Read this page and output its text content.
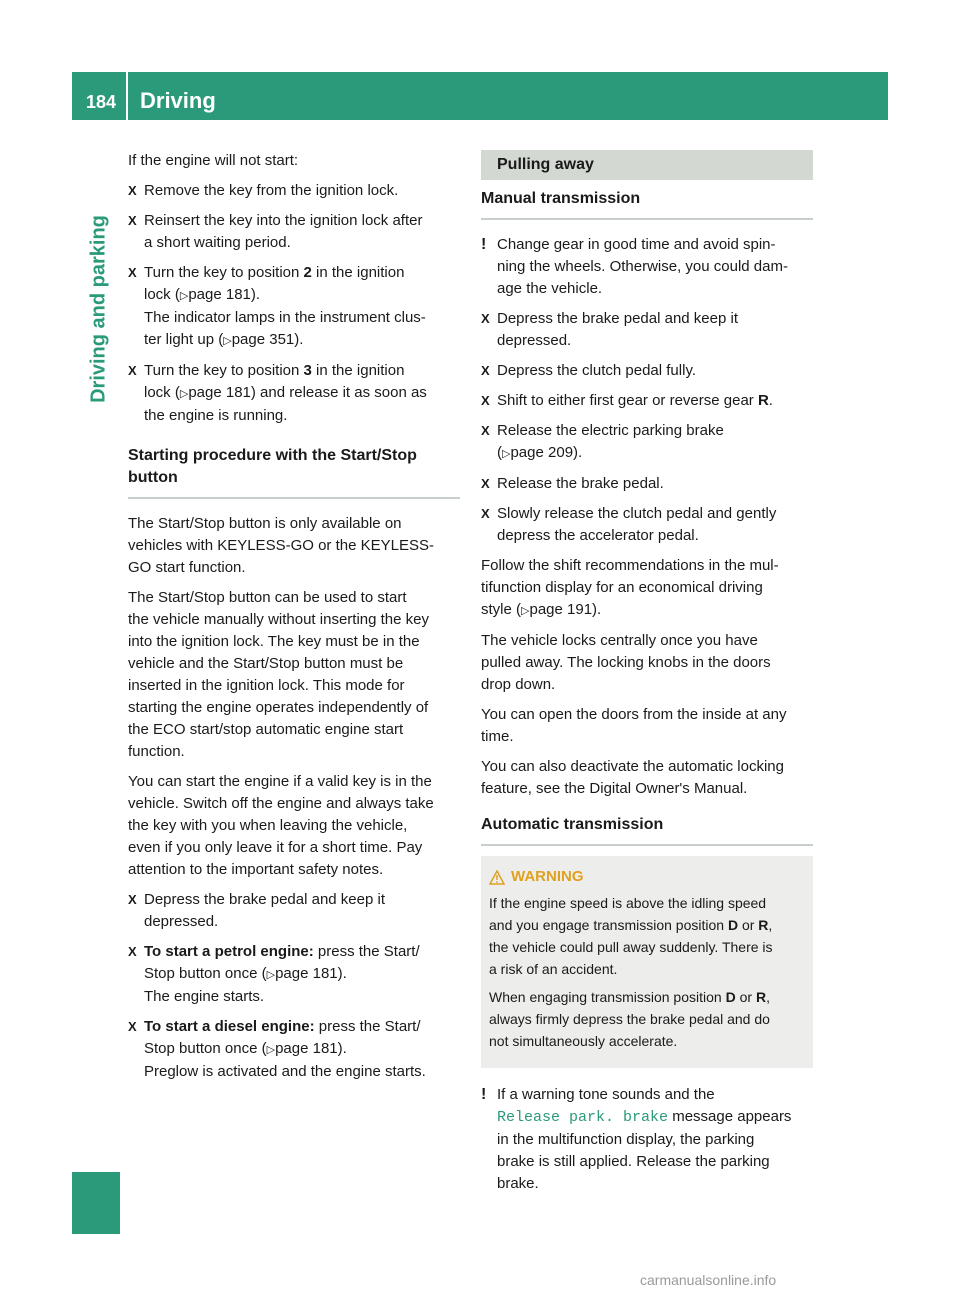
184 Driving
Driving and parking

If the engine will not start:

X Remove the key from the ignition lock.
X Reinsert the key into the ignition lock after
a short waiting period.
X Turn the key to position 2 in the ignition
lock (▷page 181).
The indicator lamps in the instrument clus-
ter light up (▷page 351).
X Turn the key to position 3 in the ignition
lock (▷page 181) and release it as soon as
the engine is running.
Starting procedure with the Start/Stop button

The Start/Stop button is only available on
vehicles with KEYLESS-GO or the KEYLESS-
GO start function.

The Start/Stop button can be used to start
the vehicle manually without inserting the key
into the ignition lock. The key must be in the
vehicle and the Start/Stop button must be
inserted in the ignition lock. This mode for
starting the engine operates independently of
the ECO start/stop automatic engine start
function.

You can start the engine if a valid key is in the
vehicle. Switch off the engine and always take
the key with you when leaving the vehicle,
even if you only leave it for a short time. Pay
attention to the important safety notes.

X Depress the brake pedal and keep it
depressed.
X To start a petrol engine: press the Start/
Stop button once (▷page 181).
The engine starts.
X To start a diesel engine: press the Start/
Stop button once (▷page 181).
Preglow is activated and the engine starts.
Pulling away
Manual transmission
! Change gear in good time and avoid spin-
ning the wheels. Otherwise, you could dam-
age the vehicle.
X Depress the brake pedal and keep it
depressed.
X Depress the clutch pedal fully.
X Shift to either first gear or reverse gear R.
X Release the electric parking brake
(▷page 209).
X Release the brake pedal.
X Slowly release the clutch pedal and gently
depress the accelerator pedal.

Follow the shift recommendations in the mul-
tifunction display for an economical driving
style (▷page 191).

The vehicle locks centrally once you have
pulled away. The locking knobs in the doors
drop down.

You can open the doors from the inside at any
time.

You can also deactivate the automatic locking
feature, see the Digital Owner's Manual.

Automatic transmission
WARNING

If the engine speed is above the idling speed
and you engage transmission position D or R,
the vehicle could pull away suddenly. There is
a risk of an accident.

When engaging transmission position D or R,
always firmly depress the brake pedal and do
not simultaneously accelerate.

! If a warning tone sounds and the
Release park. brake message appears
in the multifunction display, the parking
brake is still applied. Release the parking
brake.
carmanualsonline.info
